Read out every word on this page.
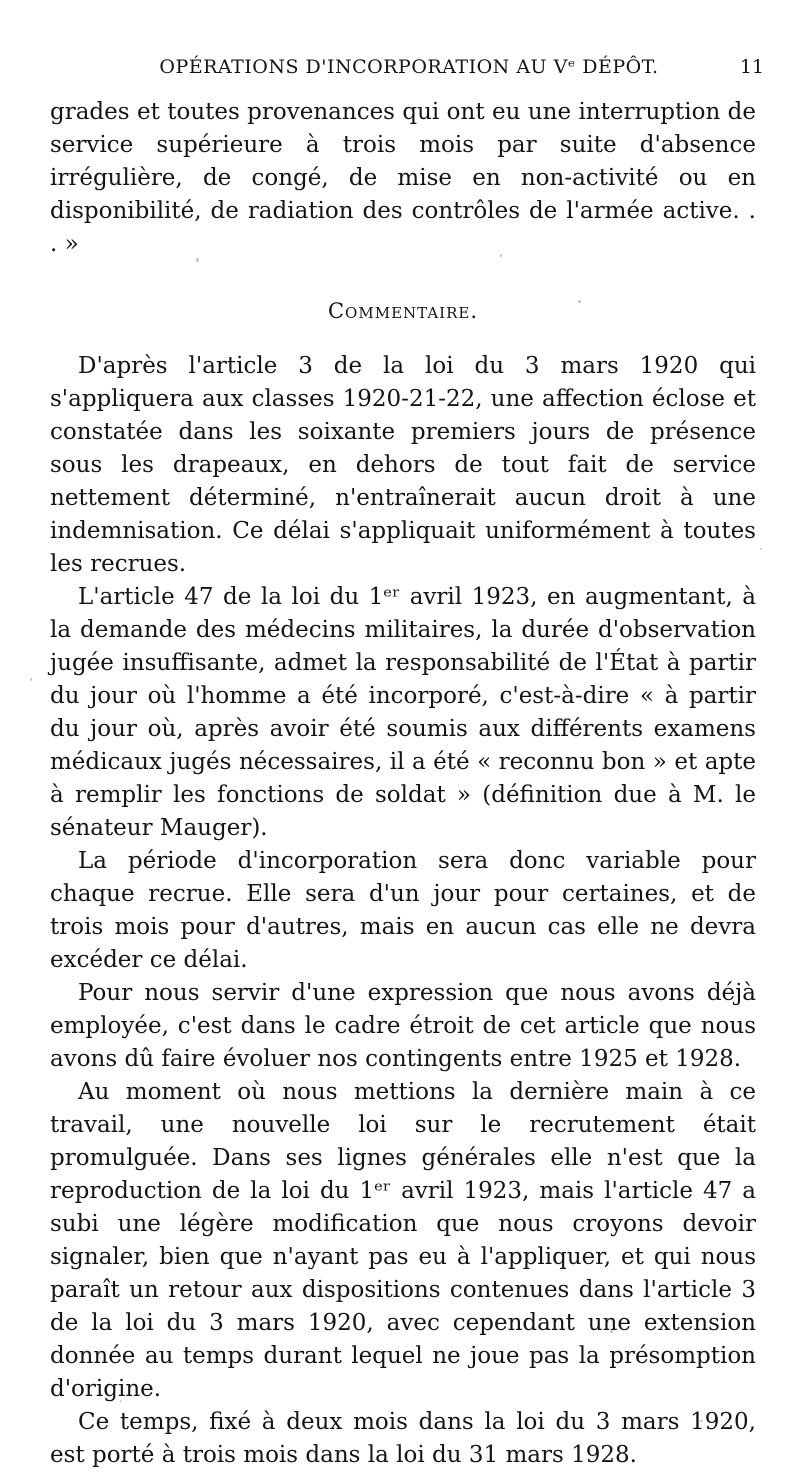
OPÉRATIONS D'INCORPORATION AU Vᵉ DÉPÔT.	11

grades et toutes provenances qui ont eu une interruption de service supérieure à trois mois par suite d'absence irrégulière, de congé, de mise en non-activité ou en disponibilité, de radiation des contrôles de l'armée active. . . »

Commentaire.

D'après l'article 3 de la loi du 3 mars 1920 qui s'appliquera aux classes 1920-21-22, une affection éclose et constatée dans les soixante premiers jours de présence sous les drapeaux, en dehors de tout fait de service nettement déterminé, n'entraînerait aucun droit à une indemnisation. Ce délai s'appliquait uniformément à toutes les recrues.

L'article 47 de la loi du 1ᵉʳ avril 1923, en augmentant, à la demande des médecins militaires, la durée d'observation jugée insuffisante, admet la responsabilité de l'État à partir du jour où l'homme a été incorporé, c'est-à-dire « à partir du jour où, après avoir été soumis aux différents examens médicaux jugés nécessaires, il a été « reconnu bon » et apte à remplir les fonctions de soldat » (définition due à M. le sénateur Mauger).

La période d'incorporation sera donc variable pour chaque recrue. Elle sera d'un jour pour certaines, et de trois mois pour d'autres, mais en aucun cas elle ne devra excéder ce délai.

Pour nous servir d'une expression que nous avons déjà employée, c'est dans le cadre étroit de cet article que nous avons dû faire évoluer nos contingents entre 1925 et 1928.

Au moment où nous mettions la dernière main à ce travail, une nouvelle loi sur le recrutement était promulguée. Dans ses lignes générales elle n'est que la reproduction de la loi du 1ᵉʳ avril 1923, mais l'article 47 a subi une légère modification que nous croyons devoir signaler, bien que n'ayant pas eu à l'appliquer, et qui nous paraît un retour aux dispositions contenues dans l'article 3 de la loi du 3 mars 1920, avec cependant une extension donnée au temps durant lequel ne joue pas la présomption d'origine.

Ce temps, fixé à deux mois dans la loi du 3 mars 1920, est porté à trois mois dans la loi du 31 mars 1928.
